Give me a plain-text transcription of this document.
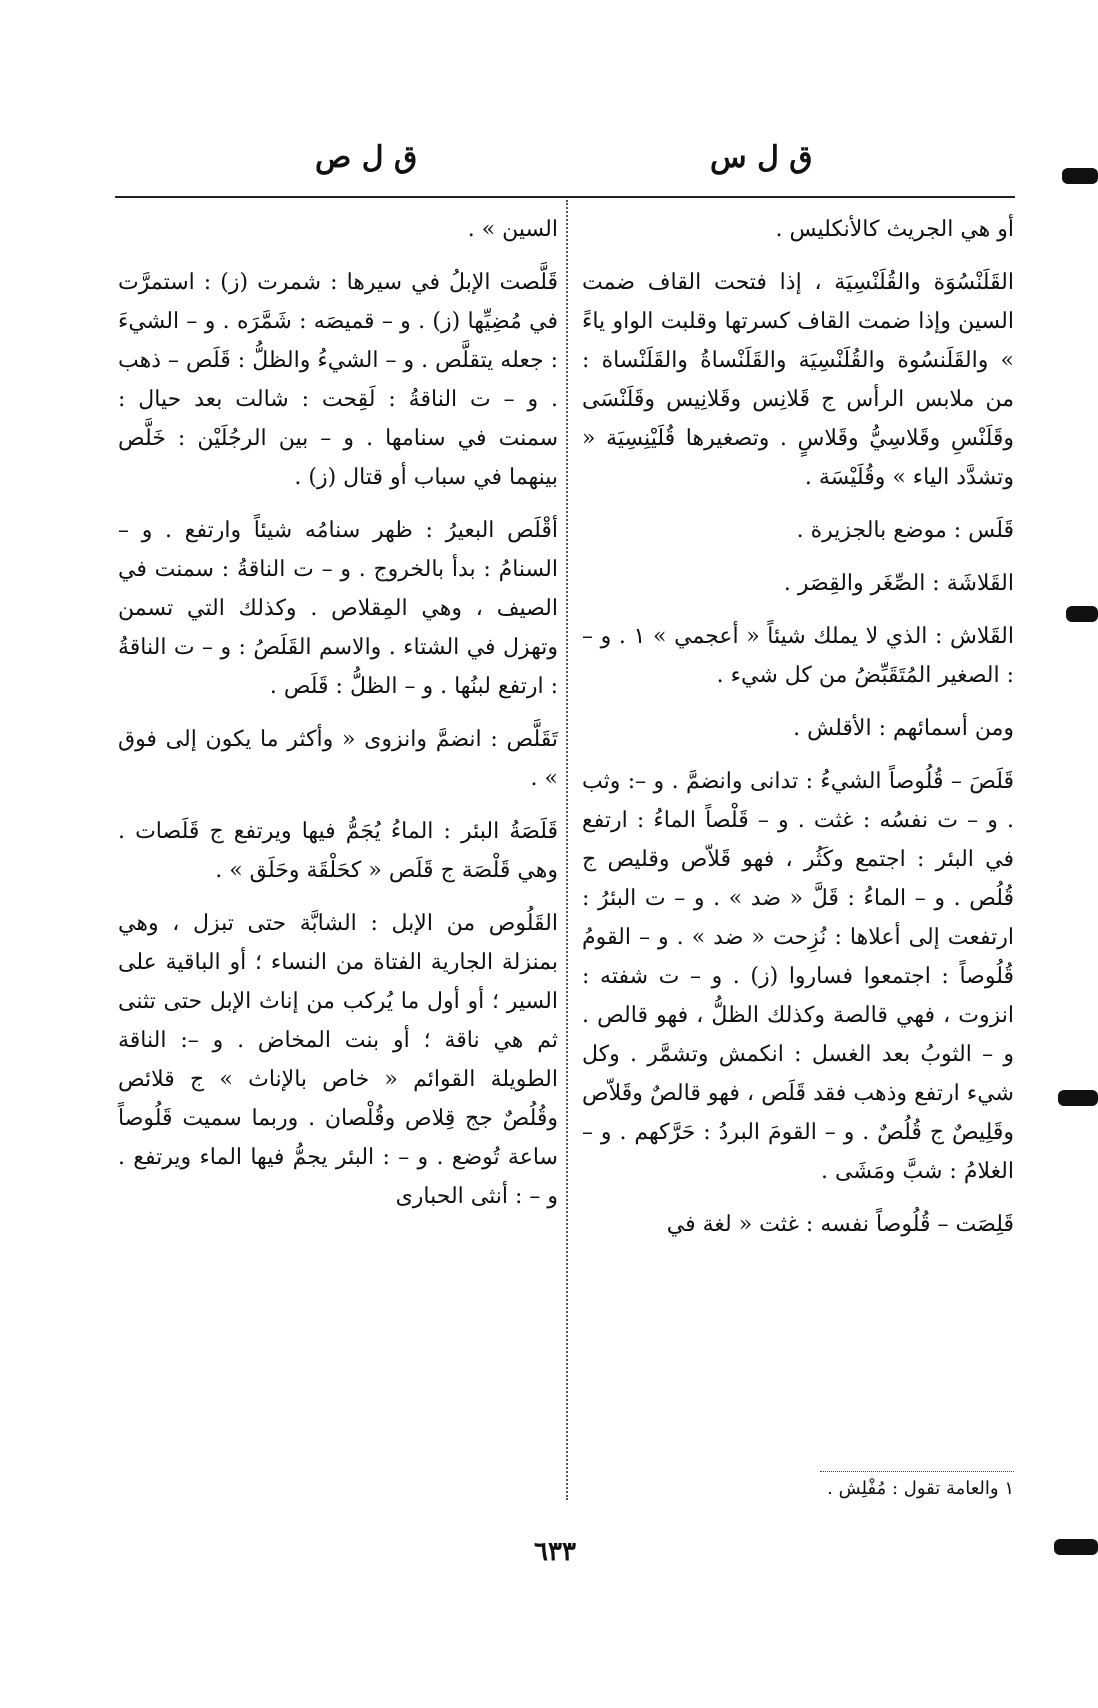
ق ل س
ق ل ص

أو هي الجريث كالأنكليس .

القَلَنْسُوَة والقُلَنْسِيَة ، إذا فتحت القاف ضمت السين وإذا ضمت القاف كسرتها وقلبت الواو ياءً » والقَلَنسُوة والقُلَنْسِيَة والقَلَنْساةُ والقَلَنْساة : من ملابس الرأس ج قَلانِس وقَلانِيس وقَلَنْسَى وقَلَنْسِ وقَلاسِيُّ وقَلاسٍ . وتصغيرها قُلَيْنِسِيَة « وتشدَّد الياء » وقُلَيْسَة .

قَلَس : موضع بالجزيرة .

القَلاشَة : الصِّغَر والقِصَر .

القَلاش : الذي لا يملك شيئاً « أعجمي » ١ . و – : الصغير المُتَقَبِّضُ من كل شيء .

ومن أسمائهم : الأقلش .

قَلَصَ – قُلُوصاً الشيءُ : تدانى وانضمَّ . و –: وثب . و – ت نفسُه : غثت . و – قَلْصاً الماءُ : ارتفع في البئر : اجتمع وكَثُر ، فهو قَلاّص وقليص ج قُلُص . و – الماءُ : قَلَّ « ضد » . و – ت البئرُ : ارتفعت إلى أعلاها : نُزِحت « ضد » . و – القومُ قُلُوصاً : اجتمعوا فساروا (ز) . و – ت شفته : انزوت ، فهي قالصة وكذلك الظلُّ ، فهو قالص . و – الثوبُ بعد الغسل : انكمش وتشمَّر . وكل شيء ارتفع وذهب فقد قَلَص ، فهو قالصٌ وقَلاّص وقَلِيصٌ ج قُلُصٌ . و – القومَ البردُ : حَرَّكهم . و – الغلامُ : شبَّ ومَشَى .

قَلِصَت – قُلُوصاً نفسه : غثت « لغة في

١ والعامة تقول : مُفْلِش .

السين » .

قَلَّصت الإبلُ في سيرها : شمرت (ز) : استمرَّت في مُضِيِّها (ز) . و – قميصَه : شَمَّرَه . و – الشيءَ : جعله يتقلَّص . و – الشيءُ والظلُّ : قَلَص – ذهب . و – ت الناقةُ : لَقِحت : شالت بعد حيال : سمنت في سنامها . و – بين الرجُلَيْن : خَلَّص بينهما في سباب أو قتال (ز) .

أقْلَص البعيرُ : ظهر سنامُه شيئاً وارتفع . و – السنامُ : بدأ بالخروج . و – ت الناقةُ : سمنت في الصيف ، وهي المِقلاص . وكذلك التي تسمن وتهزل في الشتاء . والاسم القَلَصُ : و – ت الناقةُ : ارتفع لبنُها . و – الظلُّ : قَلَص .

تَقَلَّص : انضمَّ وانزوى « وأكثر ما يكون إلى فوق » .

قَلَصَةُ البئر : الماءُ يُجَمُّ فيها ويرتفع ج قَلَصات . وهي قَلْصَة ج قَلَص « كحَلْقَة وحَلَق » .

القَلُوص من الإبل : الشابَّة حتى تبزل ، وهي بمنزلة الجارية الفتاة من النساء ؛ أو الباقية على السير ؛ أو أول ما يُركب من إناث الإبل حتى تثنى ثم هي ناقة ؛ أو بنت المخاض . و –: الناقة الطويلة القوائم « خاص بالإناث » ج قلائص وقُلُصٌ جج قِلاص وقُلْصان . وربما سميت قَلُوصاً ساعة تُوضع . و – : البئر يجمُّ فيها الماء ويرتفع . و – : أنثى الحبارى

٦٣٣
